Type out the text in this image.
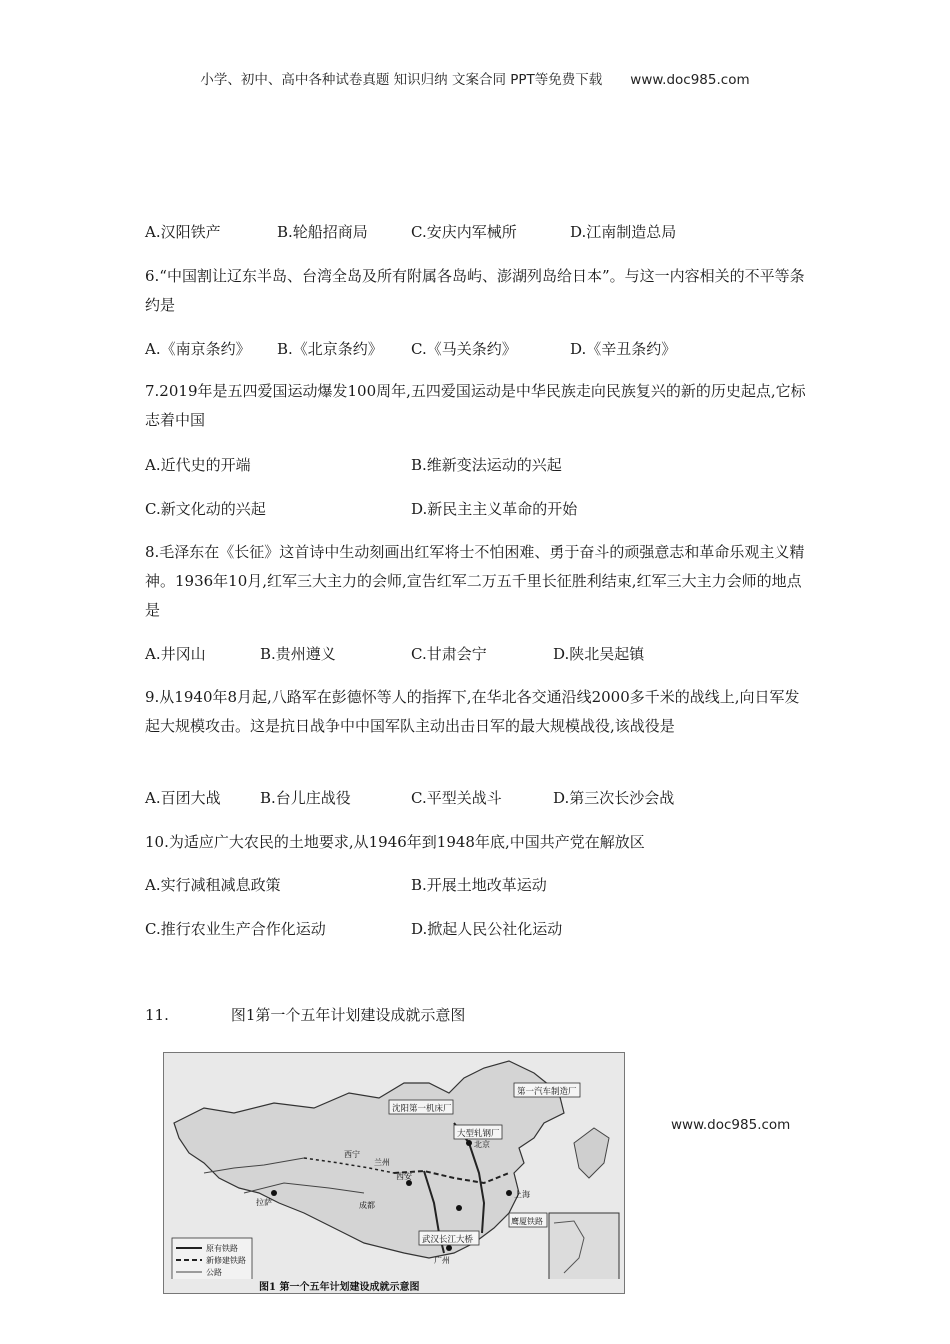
小学、初中、高中各种试卷真题 知识归纳 文案合同 PPT等免费下载 www.doc985.com
A.汉阳铁产	B.轮船招商局	C.安庆内军械所	D.江南制造总局
6.“中国割让辽东半岛、台湾全岛及所有附属各岛屿、澎湖列岛给日本”。与这一内容相关的不平等条约是
A.《南京条约》 B.《北京条约》 C.《马关条约》	D.《辛丑条约》
7.2019年是五四爱国运动爆发100周年,五四爱国运动是中华民族走向民族复兴的新的历史起点,它标志着中国
A.近代史的开端	B.维新变法运动的兴起
C.新文化动的兴起	D.新民主主义革命的开始
8.毛泽东在《长征》这首诗中生动刻画出红军将士不怕困难、勇于奋斗的顽强意志和革命乐观主义精神。1936年10月,红军三大主力的会师,宣告红军二万五千里长征胜利结束,红军三大主力会师的地点是
A.井冈山	B.贵州遵义	C.甘肃会宁	D.陕北吴起镇
9.从1940年8月起,八路军在彭德怀等人的指挥下,在华北各交通沿线2000多千米的战线上,向日军发起大规模攻击。这是抗日战争中中国军队主动出击日军的最大规模战役,该战役是
A.百团大战	B.台儿庄战役	C.平型关战斗	D.第三次长沙会战
10.为适应广大农民的土地要求,从1946年到1948年底,中国共产党在解放区
A.实行减租减息政策	B.开展土地改革运动
C.推行农业生产合作化运动	D.掀起人民公社化运动
11.	图1第一个五年计划建设成就示意图
沈阳第一机床厂
第一汽车制造厂
大型轧钢厂
武汉长江大桥
鹰厦铁路
北京
上海
广州
西安
成都
拉萨
西宁
兰州
原有铁路
新修建铁路
公路
图1 第一个五年计划建设成就示意图
www.doc985.com
